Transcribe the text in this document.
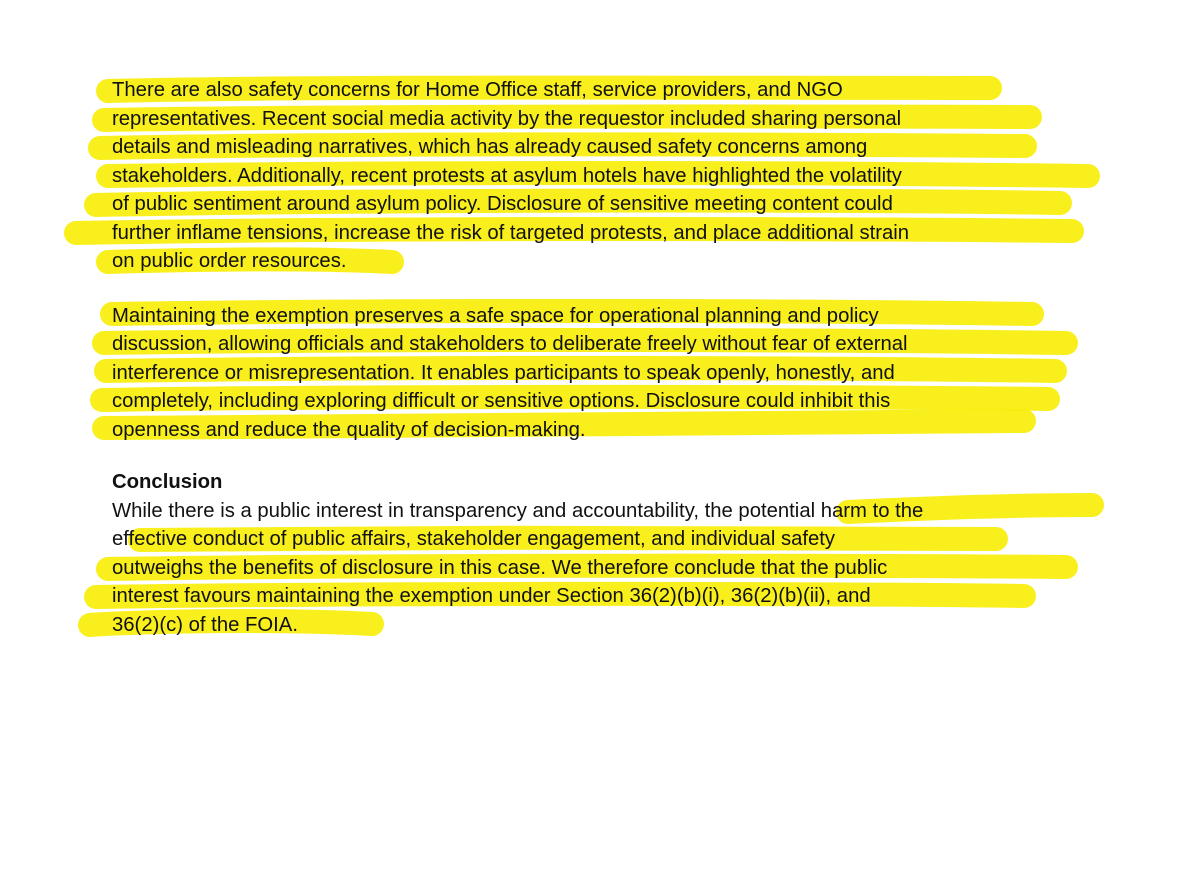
There are also safety concerns for Home Office staff, service providers, and NGO
representatives. Recent social media activity by the requestor included sharing personal
details and misleading narratives, which has already caused safety concerns among
stakeholders. Additionally, recent protests at asylum hotels have highlighted the volatility
of public sentiment around asylum policy. Disclosure of sensitive meeting content could
further inflame tensions, increase the risk of targeted protests, and place additional strain
on public order resources.
Maintaining the exemption preserves a safe space for operational planning and policy
discussion, allowing officials and stakeholders to deliberate freely without fear of external
interference or misrepresentation. It enables participants to speak openly, honestly, and
completely, including exploring difficult or sensitive options. Disclosure could inhibit this
openness and reduce the quality of decision-making.
Conclusion
While there is a public interest in transparency and accountability, the potential harm to the
effective conduct of public affairs, stakeholder engagement, and individual safety
outweighs the benefits of disclosure in this case. We therefore conclude that the public
interest favours maintaining the exemption under Section 36(2)(b)(i), 36(2)(b)(ii), and
36(2)(c) of the FOIA.
